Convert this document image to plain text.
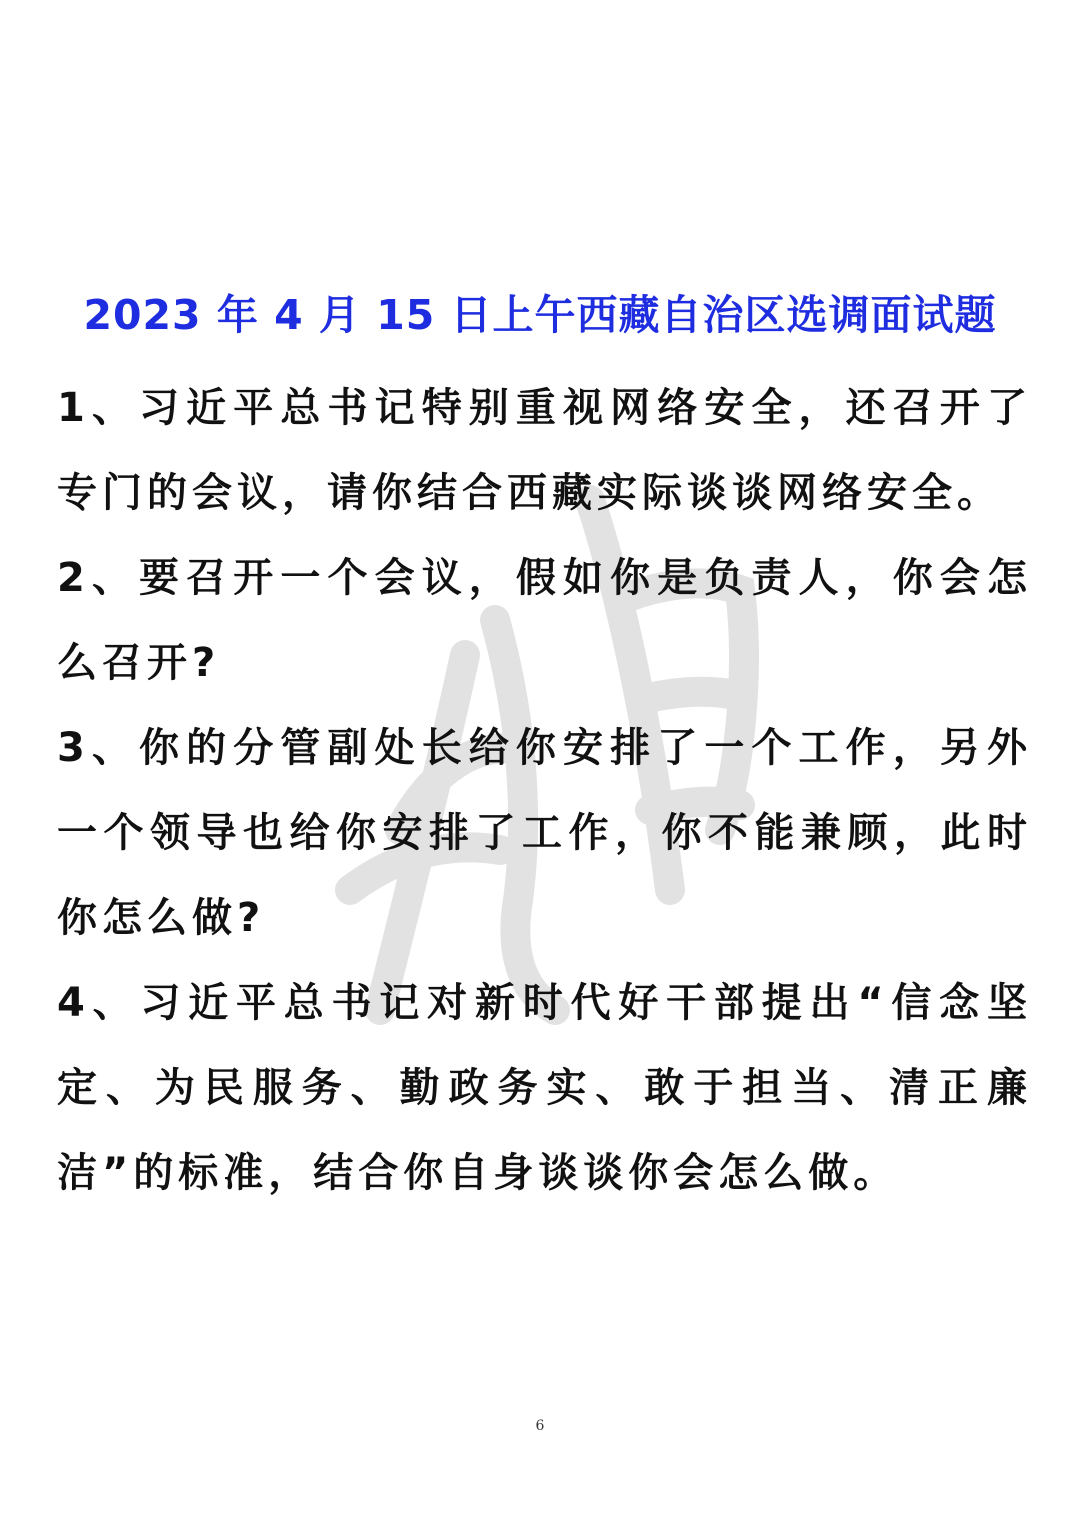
2023 年 4 月 15 日上午西藏自治区选调面试题

1、习近平总书记特别重视网络安全，还召开了专门的会议，请你结合西藏实际谈谈网络安全。

2、要召开一个会议，假如你是负责人，你会怎么召开?

3、你的分管副处长给你安排了一个工作，另外一个领导也给你安排了工作，你不能兼顾，此时你怎么做?

4、习近平总书记对新时代好干部提出“信念坚定、为民服务、勤政务实、敢于担当、清正廉洁”的标准，结合你自身谈谈你会怎么做。

6
